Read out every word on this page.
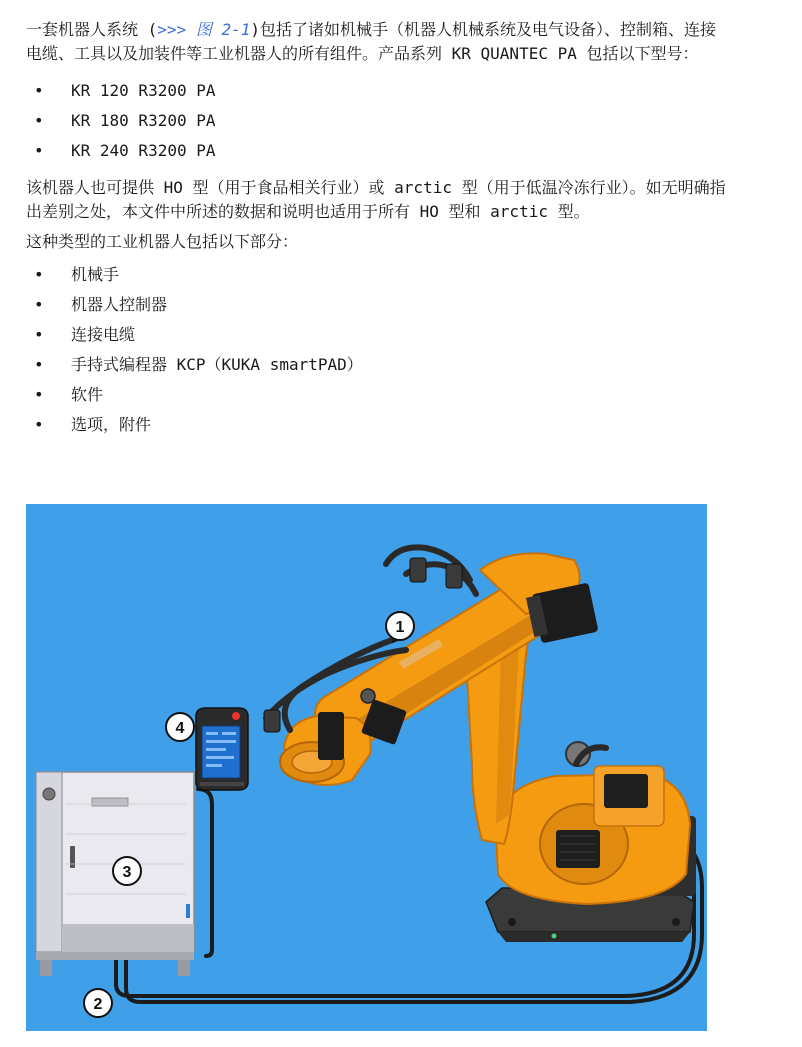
一套机器人系统 (>>> 图 2-1)包括了诸如机械手（机器人机械系统及电气设备）、控制箱、连接电缆、工具以及加装件等工业机器人的所有组件。产品系列 KR QUANTEC PA 包括以下型号：

• KR 120 R3200 PA
• KR 180 R3200 PA
• KR 240 R3200 PA

该机器人也可提供 HO 型（用于食品相关行业）或 arctic 型（用于低温冷冻行业）。如无明确指出差别之处，本文件中所述的数据和说明也适用于所有 HO 型和 arctic 型。

这种类型的工业机器人包括以下部分：

• 机械手
• 机器人控制器
• 连接电缆
• 手持式编程器 KCP（KUKA smartPAD）
• 软件
• 选项，附件
1
2
3
4
